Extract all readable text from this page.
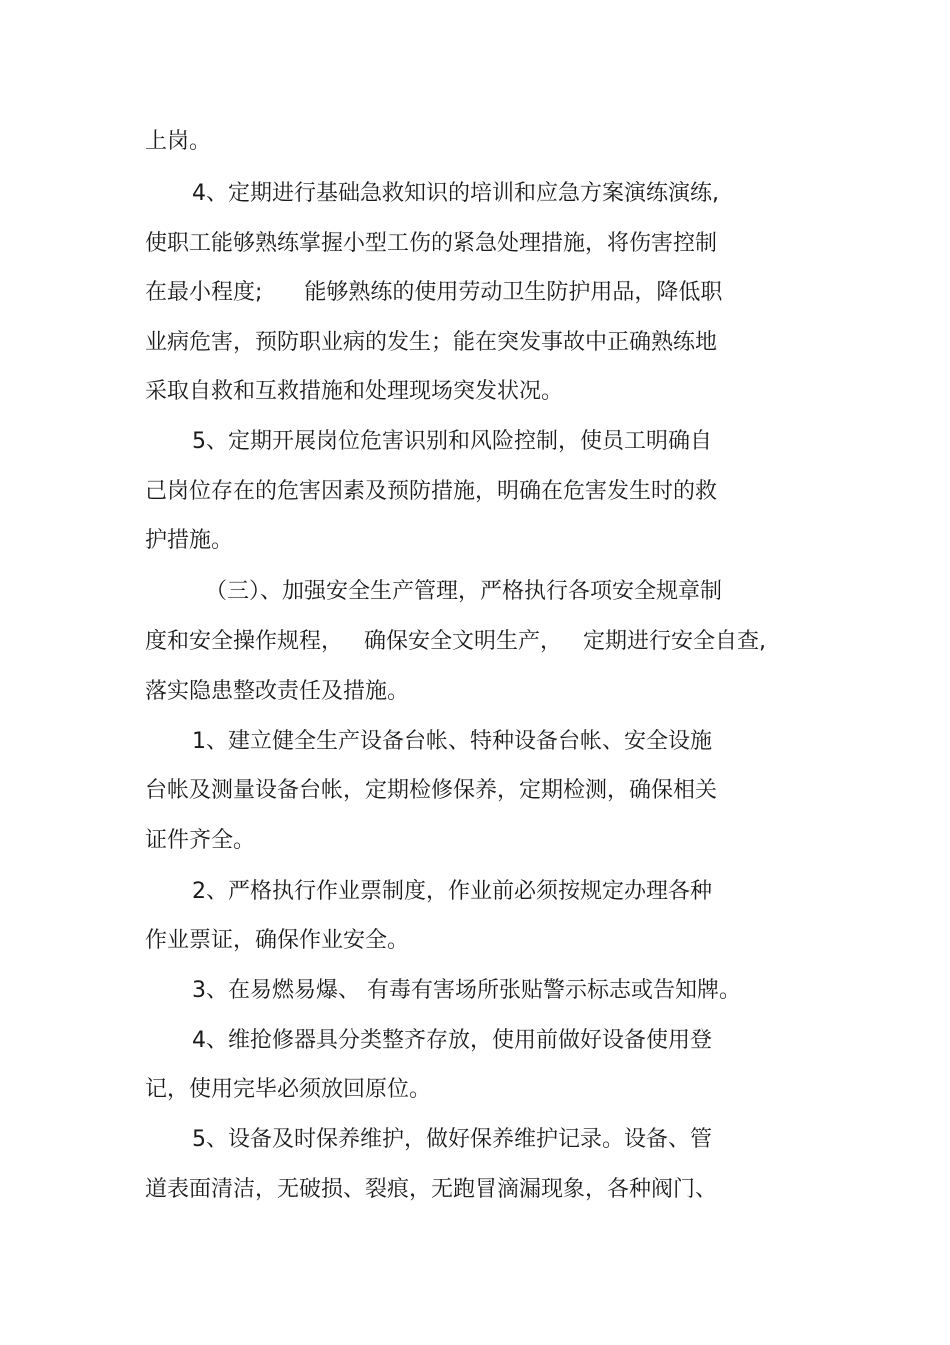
上岗。
4、定期进行基础急救知识的培训和应急方案演练演练,
使职工能够熟练掌握小型工伤的紧急处理措施，将伤害控制
在最小程度;      能够熟练的使用劳动卫生防护用品，降低职
业病危害，预防职业病的发生；能在突发事故中正确熟练地
采取自救和互救措施和处理现场突发状况。
5、定期开展岗位危害识别和风险控制，使员工明确自
己岗位存在的危害因素及预防措施，明确在危害发生时的救
护措施。
（三）、加强安全生产管理，严格执行各项安全规章制
度和安全操作规程，   确保安全文明生产，   定期进行安全自查,
落实隐患整改责任及措施。
1、建立健全生产设备台帐、特种设备台帐、安全设施
台帐及测量设备台帐，定期检修保养，定期检测，确保相关
证件齐全。
2、严格执行作业票制度，作业前必须按规定办理各种
作业票证，确保作业安全。
3、在易燃易爆、 有毒有害场所张贴警示标志或告知牌。
4、维抢修器具分类整齐存放，使用前做好设备使用登
记，使用完毕必须放回原位。
5、设备及时保养维护，做好保养维护记录。设备、管
道表面清洁，无破损、裂痕，无跑冒滴漏现象，各种阀门、
